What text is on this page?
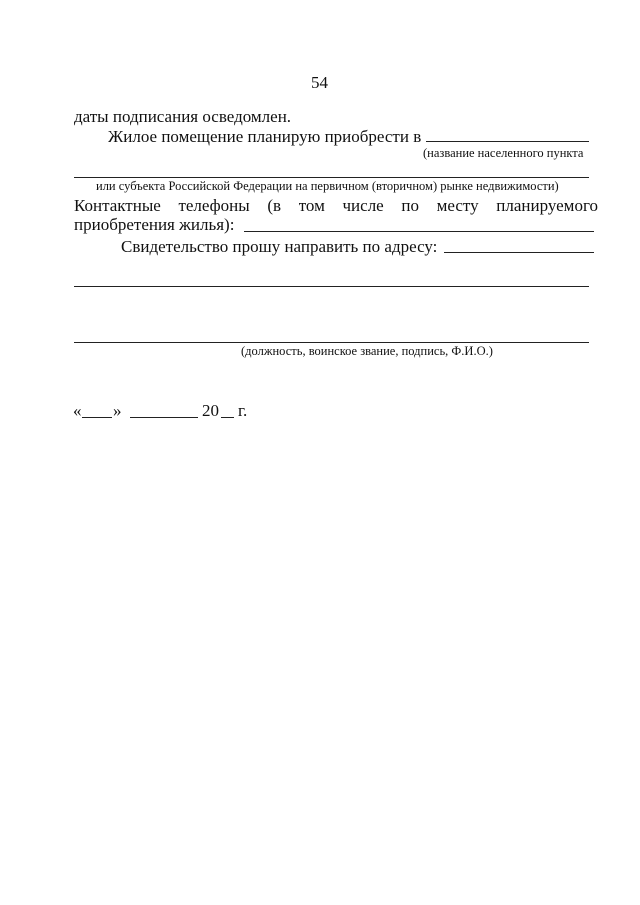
54
даты подписания осведомлен.
Жилое помещение планирую приобрести в
(название населенного пункта
или субъекта Российской Федерации на первичном (вторичном) рынке недвижимости)
Контактные телефоны (в том числе по месту планируемого
приобретения жилья):
Свидетельство прошу направить по адресу:
(должность, воинское звание, подпись, Ф.И.О.)
« »	20 г.
